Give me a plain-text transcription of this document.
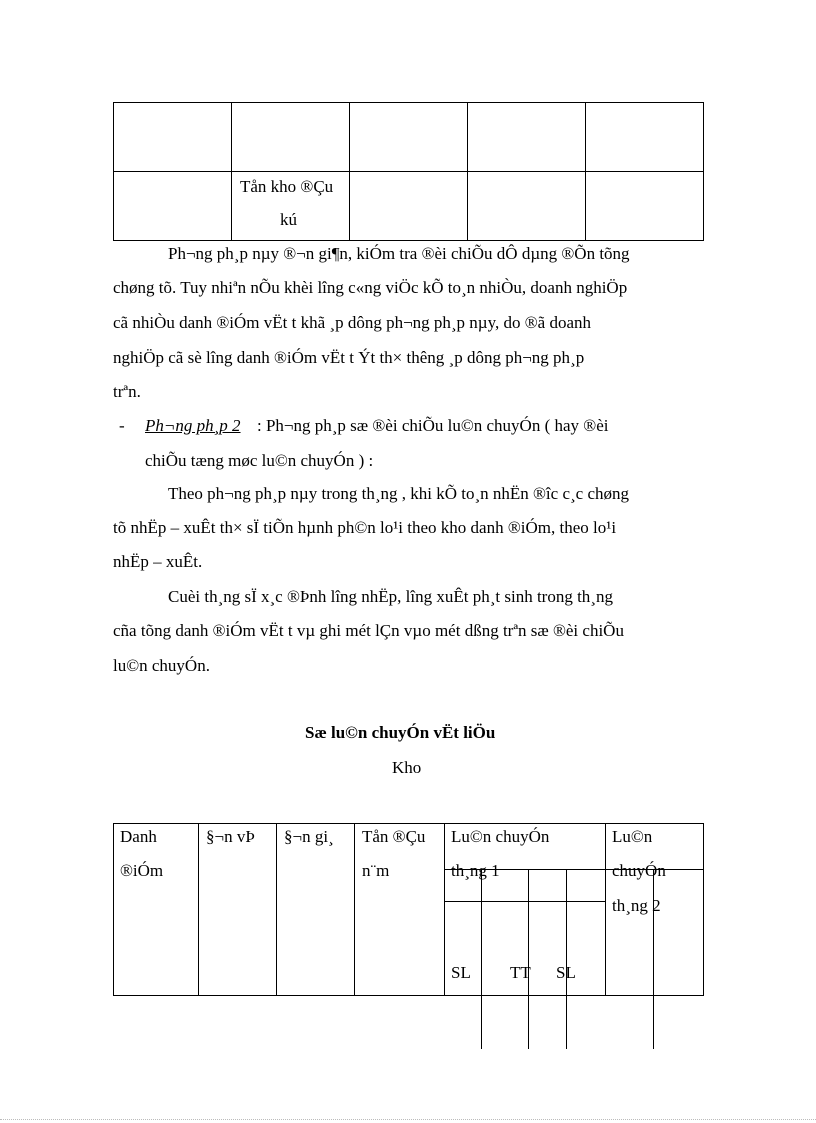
Tån kho ®Çu
kú
Ph¬ng ph¸p nµy ®¬n gi¶n, kiÓm tra ®èi chiÕu dÔ dµng ®Õn tõng
chøng tõ. Tuy nhiªn nÕu khèi lîng c«ng viÖc kÕ to¸n nhiÒu, doanh nghiÖp
cã nhiÒu danh ®iÓm vËt t khã ¸p dông ph¬ng ph¸p nµy, do ®ã doanh
nghiÖp cã sè lîng danh ®iÓm vËt t Ýt th× thêng ¸p dông ph¬ng ph¸p
trªn.
- Ph¬ng ph¸p 2 : Ph¬ng ph¸p sæ ®èi chiÕu lu©n chuyÓn ( hay ®èi
chiÕu tæng møc lu©n chuyÓn ) :
Theo ph¬ng ph¸p nµy trong th¸ng , khi kÕ to¸n nhËn ®îc c¸c chøng
tõ nhËp – xuÊt th× sÏ tiÕn hµnh ph©n lo¹i theo kho danh ®iÓm, theo lo¹i
nhËp – xuÊt.
Cuèi th¸ng sÏ x¸c ®Þnh lîng nhËp, lîng xuÊt ph¸t sinh trong th¸ng
cña tõng danh ®iÓm vËt t vµ ghi mét lÇn vµo mét dßng trªn sæ ®èi chiÕu
lu©n chuyÓn.
Sæ lu©n chuyÓn vËt liÖu
Kho
Danh
®iÓm
§¬n vÞ §¬n gi¸ Tån ®Çu
n¨m
Lu©n chuyÓn
th¸ng 1
Lu©n
chuyÓn
th¸ng 2
SL TT SL
